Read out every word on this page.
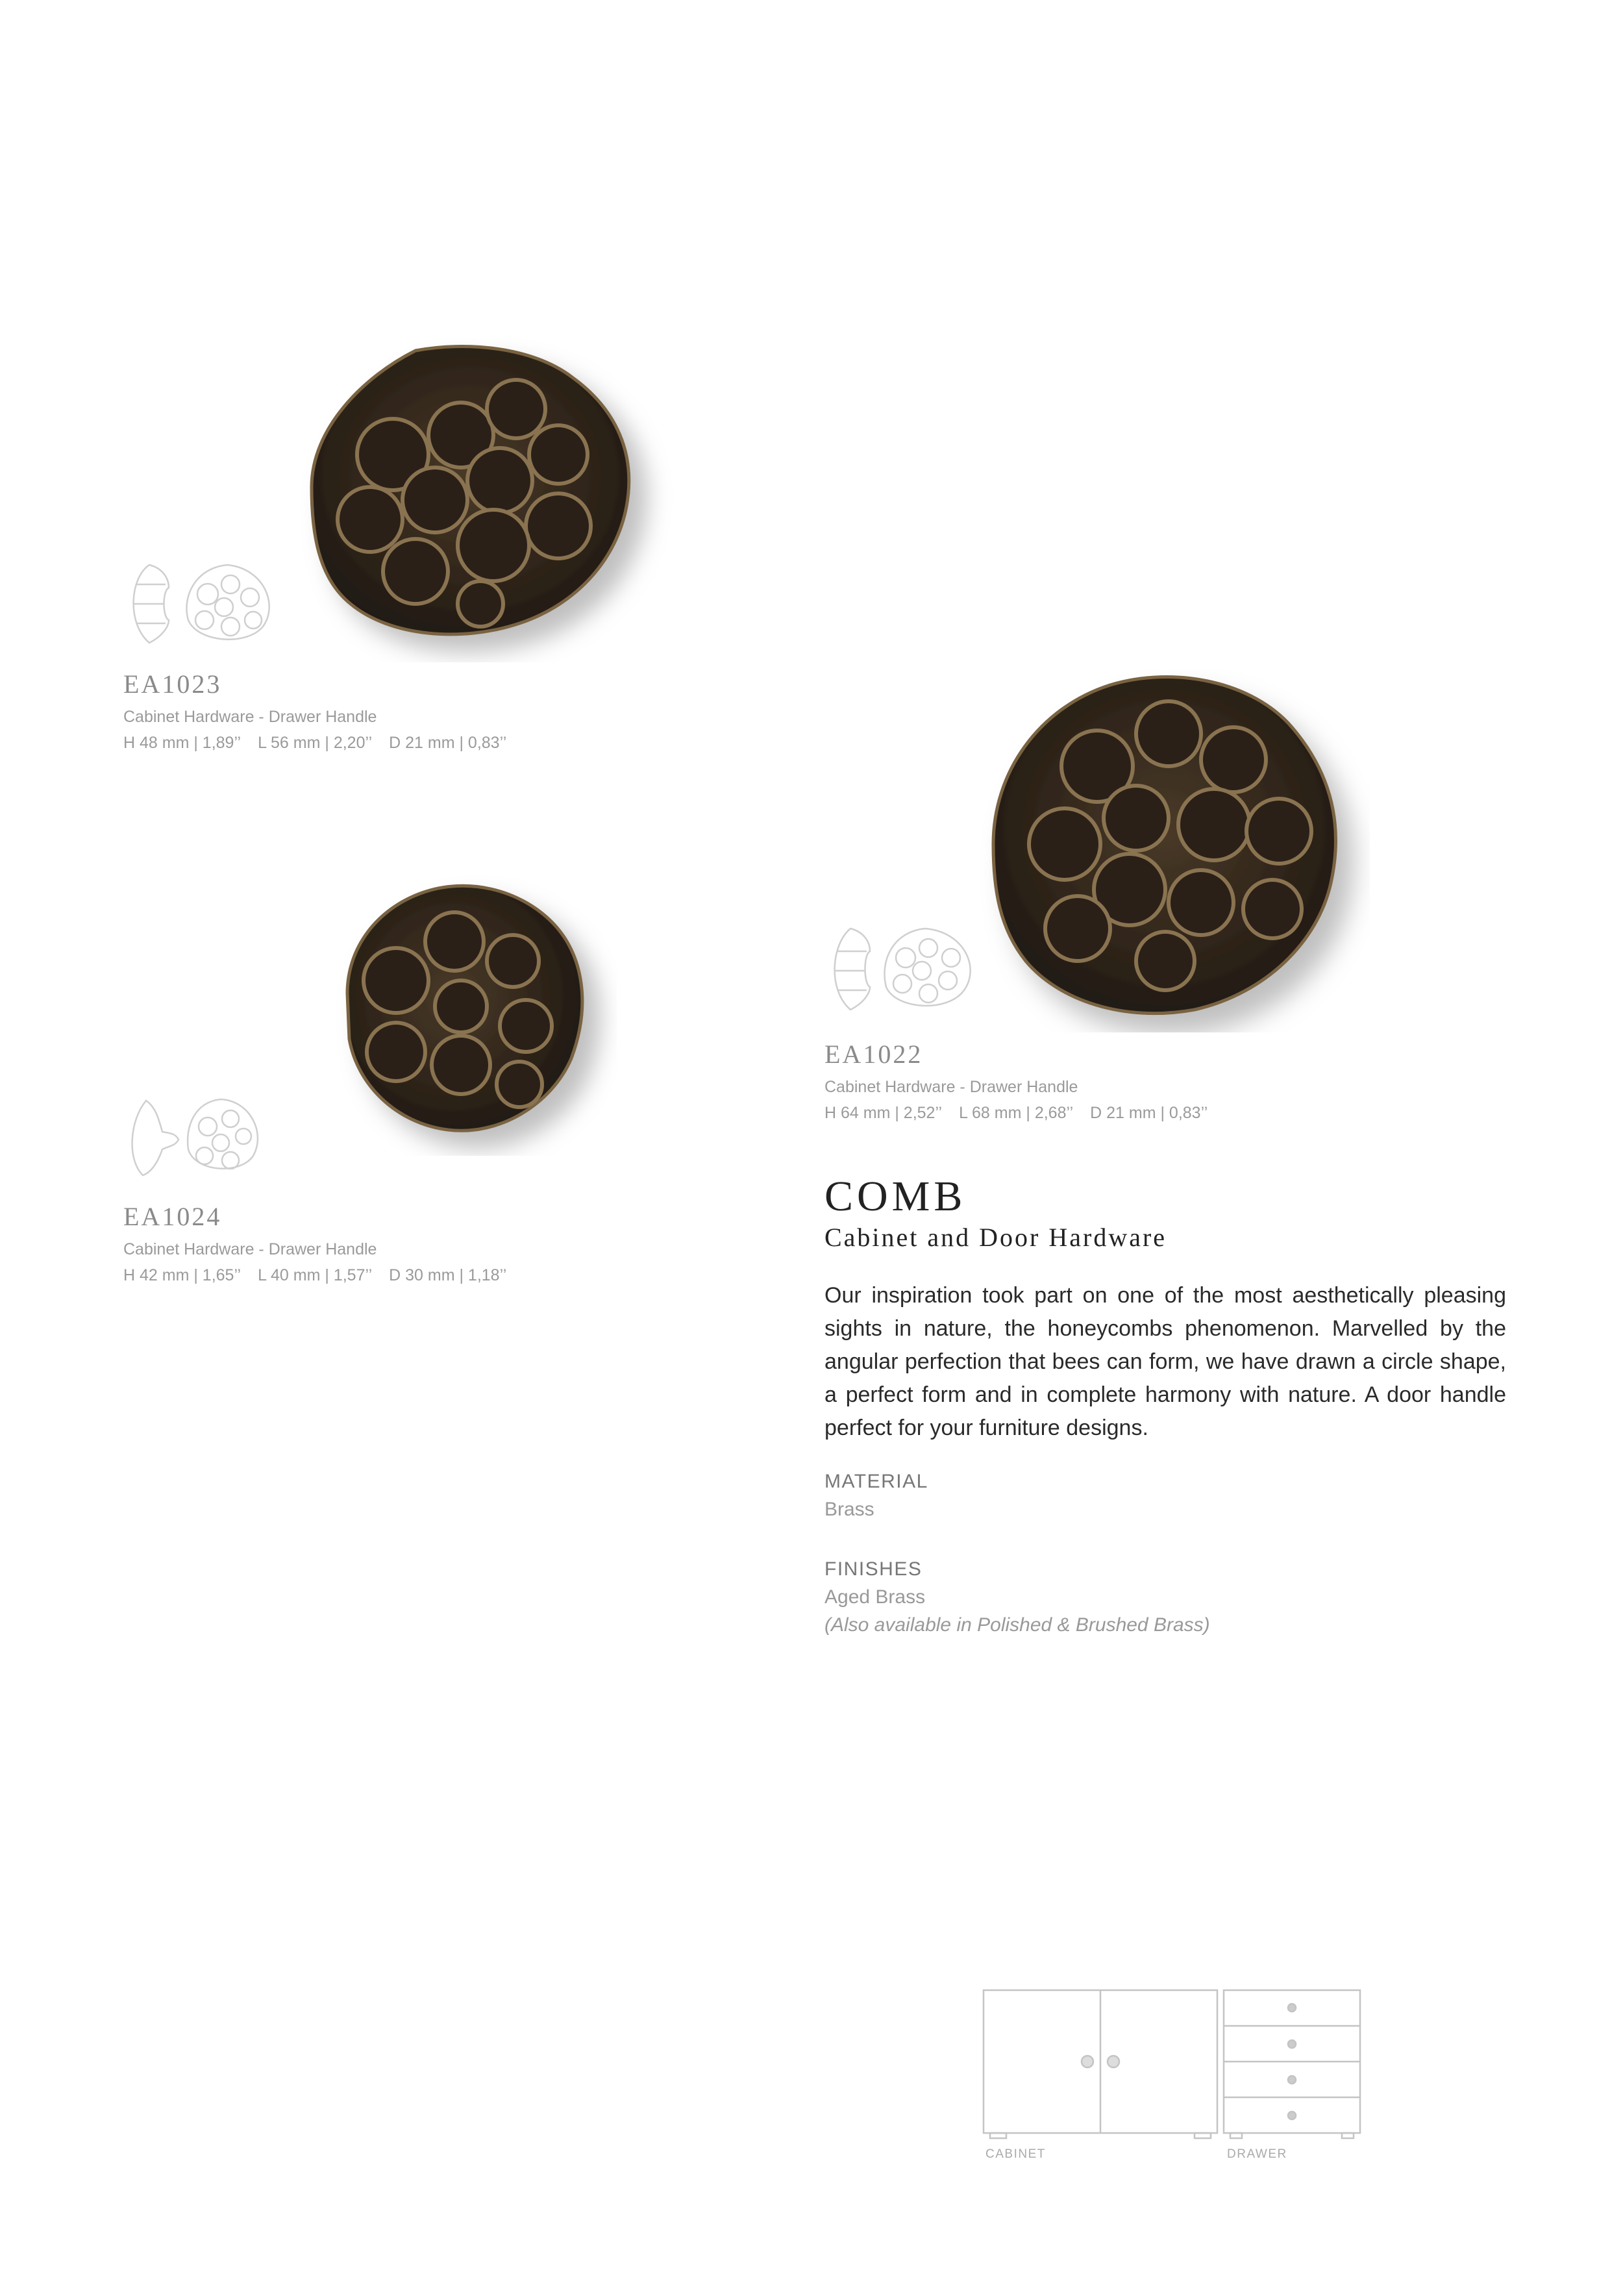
EA1023
Cabinet Hardware - Drawer Handle
H 48 mm | 1,89’’ L 56 mm | 2,20’’ D 21 mm | 0,83’’
EA1022
Cabinet Hardware - Drawer Handle
H 64 mm | 2,52’’ L 68 mm | 2,68’’ D 21 mm | 0,83’’
EA1024
Cabinet Hardware - Drawer Handle
H 42 mm | 1,65’’ L 40 mm | 1,57’’ D 30 mm | 1,18’’
COMB
Cabinet and Door Hardware
Our inspiration took part on one of the most aesthetically pleasing sights in nature, the honeycombs phenomenon. Marvelled by the angular perfection that bees can form, we have drawn a circle shape, a perfect form and in complete harmony with nature. A door handle perfect for your furniture designs.
MATERIAL
Brass
FINISHES
Aged Brass
(Also available in Polished & Brushed Brass)
CABINET	DRAWER
